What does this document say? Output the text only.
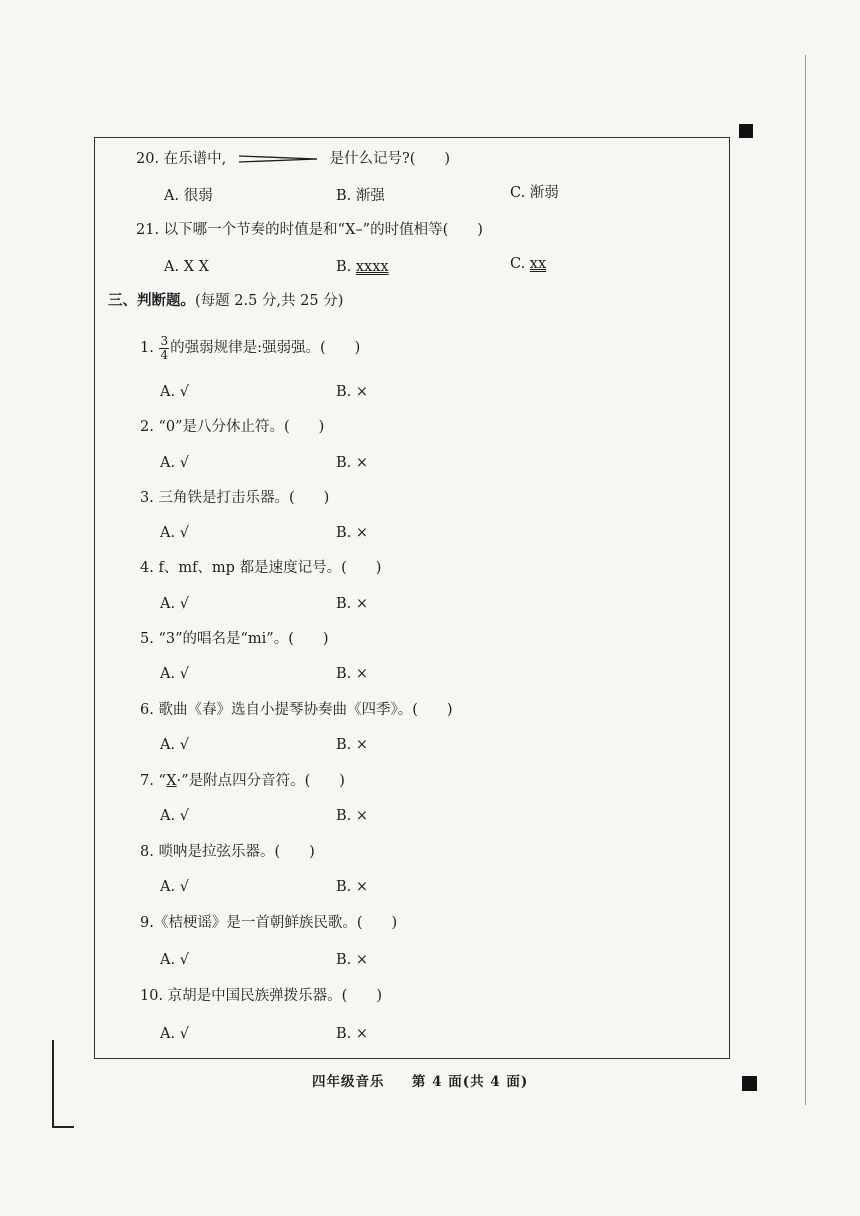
20. 在乐谱中,	是什么记号?(　　)
A. 很弱	B. 渐强	C. 渐弱
21. 以下哪一个节奏的时值是和“X–”的时值相等(　　)
A. X X	B. xxxx	C. xx
三、判断题。(每题 2.5 分,共 25 分)
1. $\frac{3}{4}$ 的强弱规律是:强弱强。(　　)
2. “0”是八分休止符。(　　)
3. 三角铁是打击乐器。(　　)
4. f、mf、mp 都是速度记号。(　　)
5. “3”的唱名是“mi”。(　　)
6. 歌曲《春》选自小提琴协奏曲《四季》。(　　)
7. “X·”是附点四分音符。(　　)
8. 唢呐是拉弦乐器。(　　)
9.《桔梗谣》是一首朝鲜族民歌。(　　)
10. 京胡是中国民族弹拨乐器。(　　)
A. √	B. ×
A. √	B. ×
A. √	B. ×
A. √	B. ×
A. √	B. ×
A. √	B. ×
A. √	B. ×
A. √	B. ×
A. √	B. ×
A. √	B. ×
四年级音乐 第 4 面(共 4 面)
